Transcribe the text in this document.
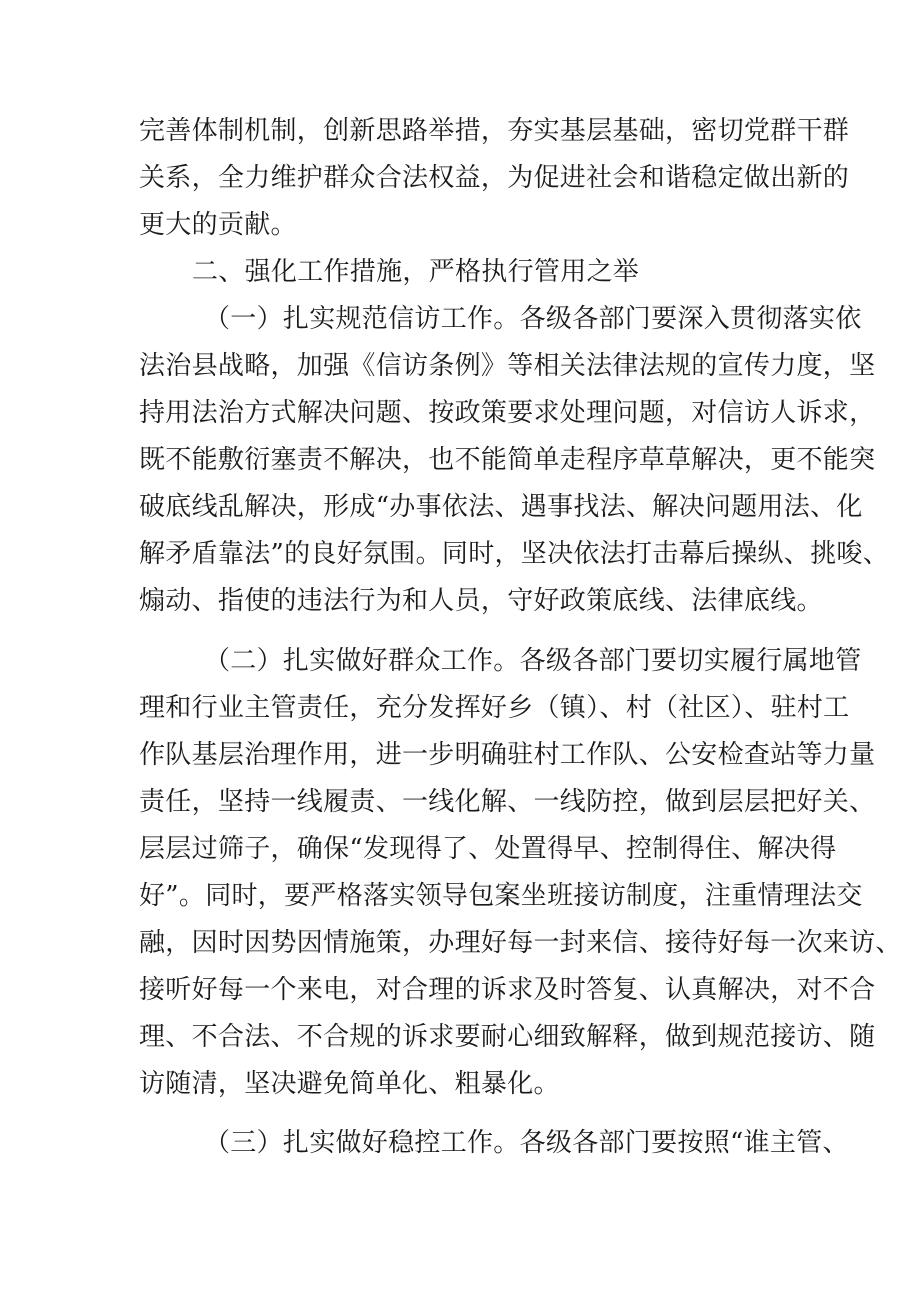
完善体制机制，创新思路举措，夯实基层基础，密切党群干群
关系，全力维护群众合法权益，为促进社会和谐稳定做出新的
更大的贡献。
二、强化工作措施，严格执行管用之举
（一）扎实规范信访工作。各级各部门要深入贯彻落实依
法治县战略，加强《信访条例》等相关法律法规的宣传力度，坚
持用法治方式解决问题、按政策要求处理问题，对信访人诉求，
既不能敷衍塞责不解决，也不能简单走程序草草解决，更不能突
破底线乱解决，形成“办事依法、遇事找法、解决问题用法、化
解矛盾靠法”的良好氛围。同时，坚决依法打击幕后操纵、挑唆、
煽动、指使的违法行为和人员，守好政策底线、法律底线。
（二）扎实做好群众工作。各级各部门要切实履行属地管
理和行业主管责任，充分发挥好乡（镇）、村（社区）、驻村工
作队基层治理作用，进一步明确驻村工作队、公安检查站等力量
责任，坚持一线履责、一线化解、一线防控，做到层层把好关、
层层过筛子，确保“发现得了、处置得早、控制得住、解决得
好”。同时，要严格落实领导包案坐班接访制度，注重情理法交
融，因时因势因情施策，办理好每一封来信、接待好每一次来访、
接听好每一个来电，对合理的诉求及时答复、认真解决，对不合
理、不合法、不合规的诉求要耐心细致解释，做到规范接访、随
访随清，坚决避免简单化、粗暴化。
（三）扎实做好稳控工作。各级各部门要按照“谁主管、
